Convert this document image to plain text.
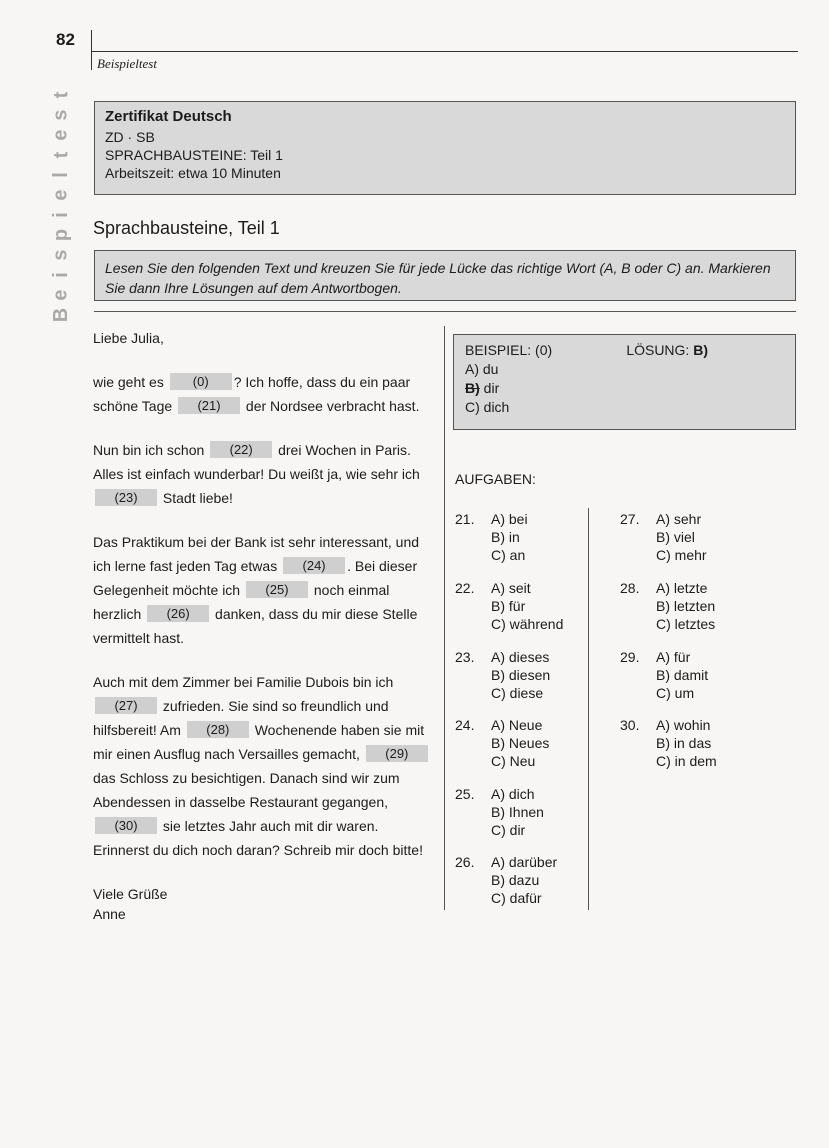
82
Beispieltest
B
e
i
s
p
i
e
l
t
e
s
t
Zertifikat Deutsch
ZD · SB
SPRACHBAUSTEINE: Teil 1
Arbeitszeit: etwa 10 Minuten
Sprachbausteine, Teil 1
Lesen Sie den folgenden Text und kreuzen Sie für jede Lücke das richtige Wort (A, B oder C) an. Markieren Sie dann Ihre Lösungen auf dem Antwortbogen.

Liebe Julia,

wie geht es (0) ? Ich hoffe, dass du ein paar schöne Tage (21) der Nordsee verbracht hast.

Nun bin ich schon (22) drei Wochen in Paris. Alles ist einfach wunderbar! Du weißt ja, wie sehr ich (23) Stadt liebe!

Das Praktikum bei der Bank ist sehr interessant, und ich lerne fast jeden Tag etwas (24) . Bei dieser Gelegenheit möchte ich (25) noch einmal herzlich (26) danken, dass du mir diese Stelle vermittelt hast.

Auch mit dem Zimmer bei Familie Dubois bin ich (27) zufrieden. Sie sind so freundlich und hilfsbereit! Am (28) Wochenende haben sie mit mir einen Ausflug nach Versailles gemacht, (29) das Schloss zu besichtigen. Danach sind wir zum Abendessen in dasselbe Restaurant gegangen, (30) sie letztes Jahr auch mit dir waren. Erinnerst du dich noch daran? Schreib mir doch bitte!

Viele Grüße

Anne

BEISPIEL: (0)	LÖSUNG: B)
A) du
B) dir
C) dich
AUFGABEN:
21. A) bei
B) in
C) an
22. A) seit
B) für
C) während
23. A) dieses
B) diesen
C) diese
24. A) Neue
B) Neues
C) Neu
25. A) dich
B) Ihnen
C) dir
26. A) darüber
B) dazu
C) dafür
27. A) sehr
B) viel
C) mehr
28. A) letzte
B) letzten
C) letztes
29. A) für
B) damit
C) um
30. A) wohin
B) in das
C) in dem
